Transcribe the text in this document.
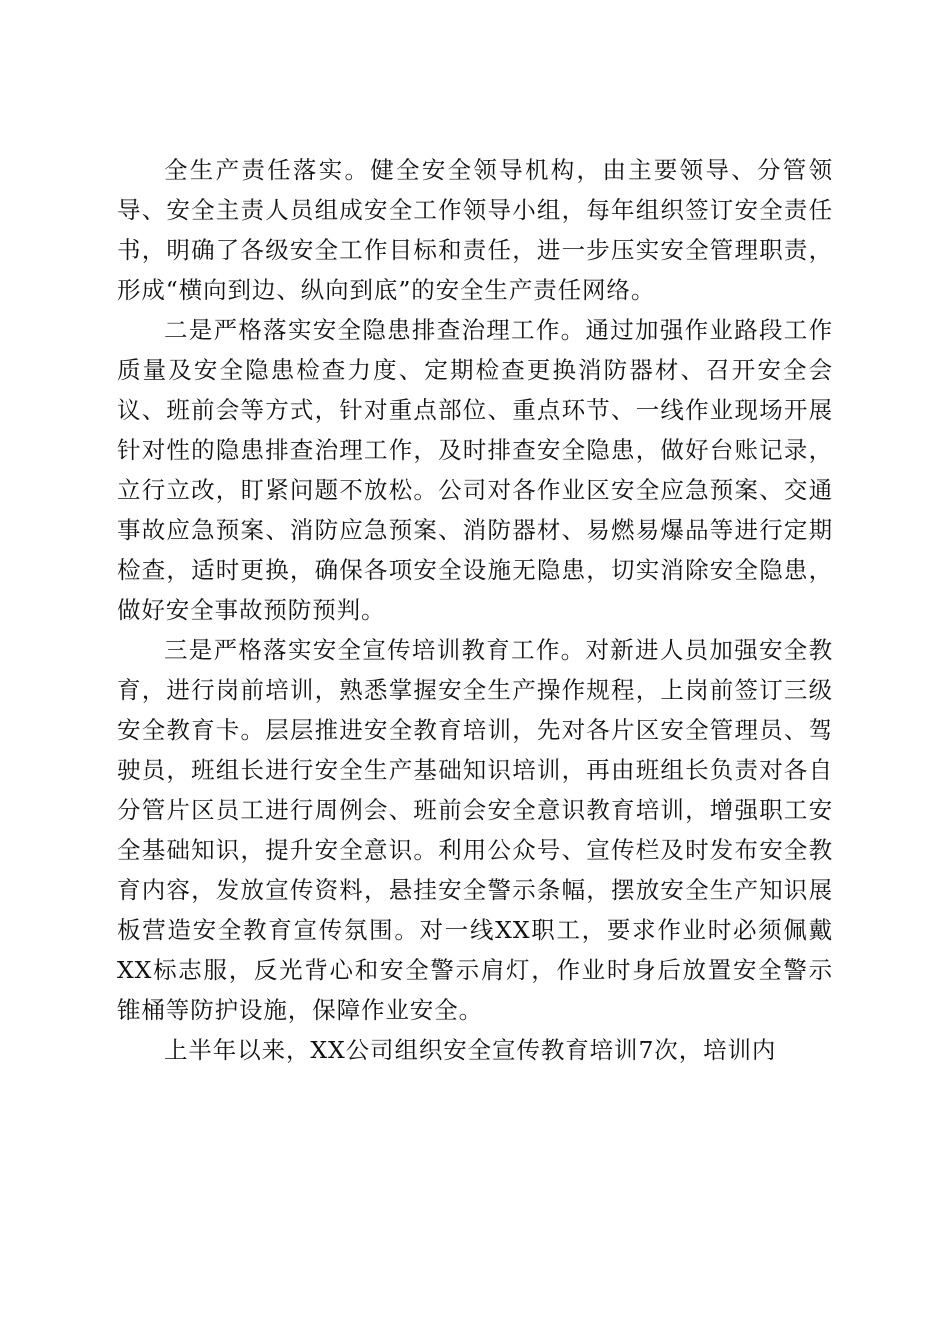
全生产责任落实。健全安全领导机构，由主要领导、分管领导、安全主责人员组成安全工作领导小组，每年组织签订安全责任书，明确了各级安全工作目标和责任，进一步压实安全管理职责，形成“横向到边、纵向到底”的安全生产责任网络。

二是严格落实安全隐患排查治理工作。通过加强作业路段工作质量及安全隐患检查力度、定期检查更换消防器材、召开安全会议、班前会等方式，针对重点部位、重点环节、一线作业现场开展针对性的隐患排查治理工作，及时排查安全隐患，做好台账记录，立行立改，盯紧问题不放松。公司对各作业区安全应急预案、交通事故应急预案、消防应急预案、消防器材、易燃易爆品等进行定期检查，适时更换，确保各项安全设施无隐患，切实消除安全隐患，做好安全事故预防预判。

三是严格落实安全宣传培训教育工作。对新进人员加强安全教育，进行岗前培训，熟悉掌握安全生产操作规程，上岗前签订三级安全教育卡。层层推进安全教育培训，先对各片区安全管理员、驾驶员，班组长进行安全生产基础知识培训，再由班组长负责对各自分管片区员工进行周例会、班前会安全意识教育培训，增强职工安全基础知识，提升安全意识。利用公众号、宣传栏及时发布安全教育内容，发放宣传资料，悬挂安全警示条幅，摆放安全生产知识展板营造安全教育宣传氛围。对一线XX职工，要求作业时必须佩戴XX标志服，反光背心和安全警示肩灯，作业时身后放置安全警示锥桶等防护设施，保障作业安全。

上半年以来，XX公司组织安全宣传教育培训7次，培训内
